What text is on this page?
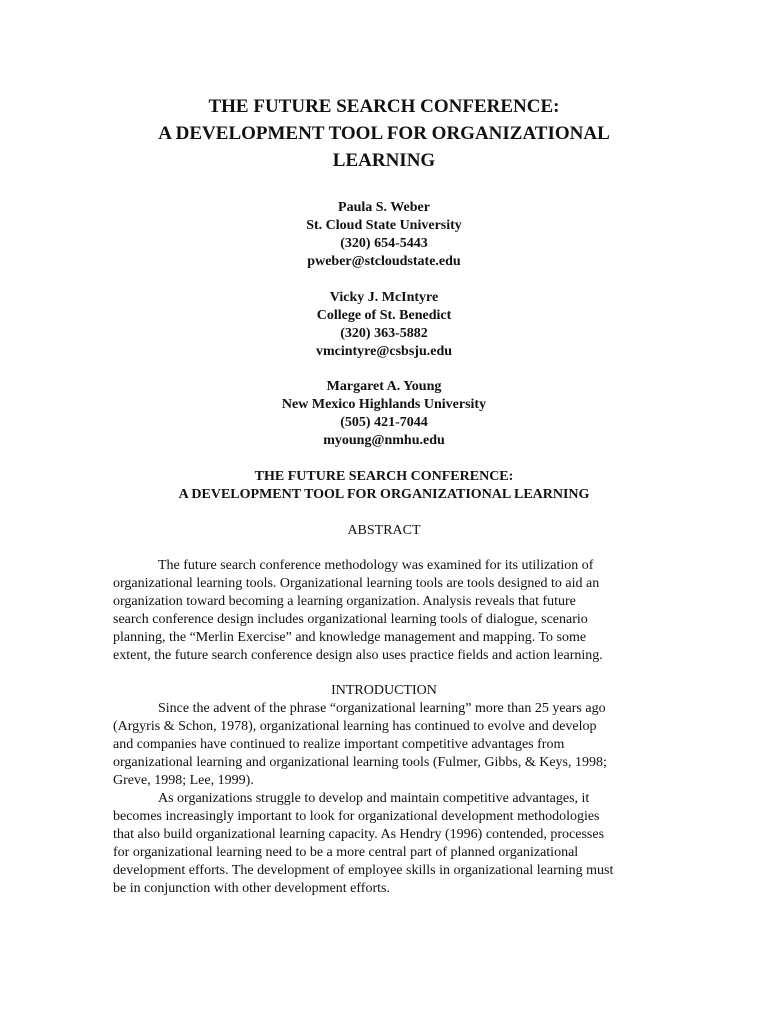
THE FUTURE SEARCH CONFERENCE:
A DEVELOPMENT TOOL FOR ORGANIZATIONAL
LEARNING
Paula S. Weber
St. Cloud State University
(320) 654-5443
pweber@stcloudstate.edu
Vicky J. McIntyre
College of St. Benedict
(320) 363-5882
vmcintyre@csbsju.edu
Margaret A. Young
New Mexico Highlands University
(505) 421-7044
myoung@nmhu.edu
THE FUTURE SEARCH CONFERENCE:
A DEVELOPMENT TOOL FOR ORGANIZATIONAL LEARNING
ABSTRACT
The future search conference methodology was examined for its utilization of
organizational learning tools. Organizational learning tools are tools designed to aid an
organization toward becoming a learning organization. Analysis reveals that future
search conference design includes organizational learning tools of dialogue, scenario
planning, the “Merlin Exercise” and knowledge management and mapping. To some
extent, the future search conference design also uses practice fields and action learning.
INTRODUCTION
Since the advent of the phrase “organizational learning” more than 25 years ago
(Argyris & Schon, 1978), organizational learning has continued to evolve and develop
and companies have continued to realize important competitive advantages from
organizational learning and organizational learning tools (Fulmer, Gibbs, & Keys, 1998;
Greve, 1998; Lee, 1999).
As organizations struggle to develop and maintain competitive advantages, it
becomes increasingly important to look for organizational development methodologies
that also build organizational learning capacity. As Hendry (1996) contended, processes
for organizational learning need to be a more central part of planned organizational
development efforts. The development of employee skills in organizational learning must
be in conjunction with other development efforts.
